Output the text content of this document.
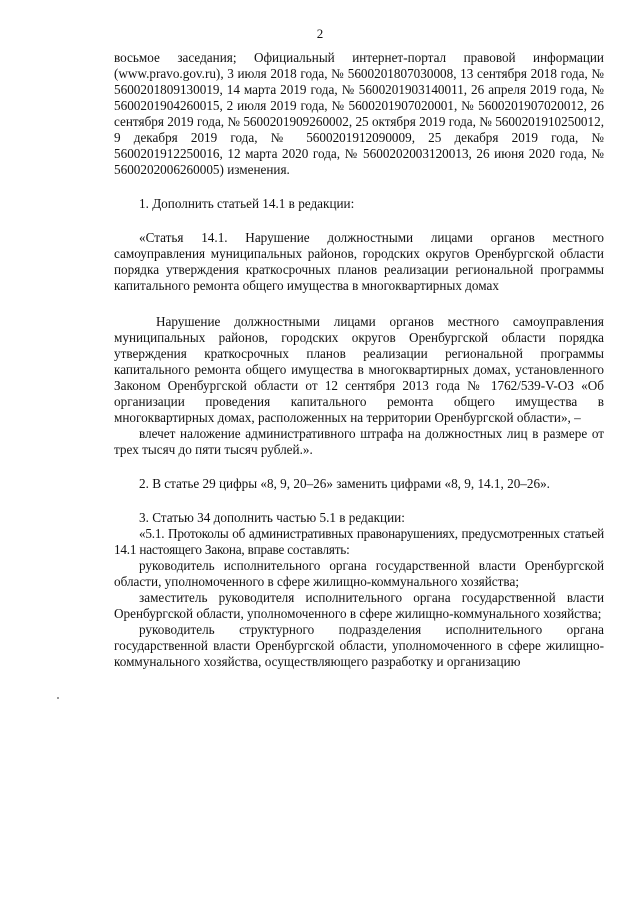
2

восьмое заседания; Официальный интернет-портал правовой информации (www.pravo.gov.ru), 3 июля 2018 года, № 5600201807030008, 13 сентября 2018 года, № 5600201809130019, 14 марта 2019 года, № 5600201903140011, 26 апреля 2019 года, № 5600201904260015, 2 июля 2019 года, № 5600201907020001, № 5600201907020012, 26 сентября 2019 года, № 5600201909260002, 25 октября 2019 года, № 5600201910250012, 9 декабря 2019 года, № 5600201912090009, 25 декабря 2019 года, № 5600201912250016, 12 марта 2020 года, № 5600202003120013, 26 июня 2020 года, № 5600202006260005) изменения.

1. Дополнить статьей 14.1 в редакции:

«Статья 14.1. Нарушение должностными лицами органов местного самоуправления муниципальных районов, городских округов Оренбургской области порядка утверждения краткосрочных планов реализации региональной программы капитального ремонта общего имущества в многоквартирных домах

Нарушение должностными лицами органов местного самоуправления муниципальных районов, городских округов Оренбургской области порядка утверждения краткосрочных планов реализации региональной программы капитального ремонта общего имущества в многоквартирных домах, установленного Законом Оренбургской области от 12 сентября 2013 года № 1762/539-V-ОЗ «Об организации проведения капитального ремонта общего имущества в многоквартирных домах, расположенных на территории Оренбургской области», –

влечет наложение административного штрафа на должностных лиц в размере от трех тысяч до пяти тысяч рублей.».

2. В статье 29 цифры «8, 9, 20–26» заменить цифрами «8, 9, 14.1, 20–26».

3. Статью 34 дополнить частью 5.1 в редакции:

«5.1. Протоколы об административных правонарушениях, предусмотренных статьей 14.1 настоящего Закона, вправе составлять:

руководитель исполнительного органа государственной власти Оренбургской области, уполномоченного в сфере жилищно-коммунального хозяйства;

заместитель руководителя исполнительного органа государственной власти Оренбургской области, уполномоченного в сфере жилищно-коммунального хозяйства;

руководитель структурного подразделения исполнительного органа государственной власти Оренбургской области, уполномоченного в сфере жилищно-коммунального хозяйства, осуществляющего разработку и организацию
